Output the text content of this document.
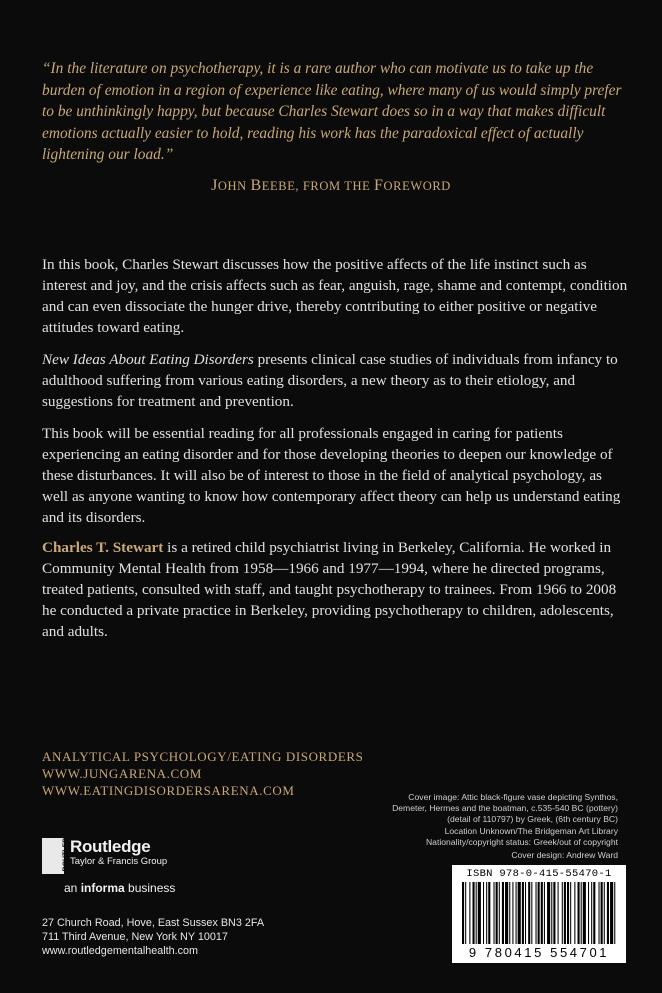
“In the literature on psychotherapy, it is a rare author who can motivate us to take up the burden of emotion in a region of experience like eating, where many of us would simply prefer to be unthinkingly happy, but because Charles Stewart does so in a way that makes difficult emotions actually easier to hold, reading his work has the paradoxical effect of actually lightening our load.”

JOHN BEEBE, FROM THE FOREWORD

In this book, Charles Stewart discusses how the positive affects of the life instinct such as interest and joy, and the crisis affects such as fear, anguish, rage, shame and contempt, condition and can even dissociate the hunger drive, thereby contributing to either positive or negative attitudes toward eating.

New Ideas About Eating Disorders presents clinical case studies of individuals from infancy to adulthood suffering from various eating disorders, a new theory as to their etiology, and suggestions for treatment and prevention.

This book will be essential reading for all professionals engaged in caring for patients experiencing an eating disorder and for those developing theories to deepen our knowledge of these disturbances. It will also be of interest to those in the field of analytical psychology, as well as anyone wanting to know how contemporary affect theory can help us understand eating and its disorders.

Charles T. Stewart is a retired child psychiatrist living in Berkeley, California. He worked in Community Mental Health from 1958—1966 and 1977—1994, where he directed programs, treated patients, consulted with staff, and taught psychotherapy to trainees. From 1966 to 2008 he conducted a private practice in Berkeley, providing psychotherapy to children, adolescents, and adults.

ANALYTICAL PSYCHOLOGY/EATING DISORDERS
WWW.JUNGARENA.COM
WWW.EATINGDISORDERSARENA.COM	Cover image: Attic black-figure vase depicting Synthos,
Demeter, Hermes and the boatman, c.535-540 BC (pottery)
(detail of 110797) by Greek, (6th century BC)
Location Unknown/The Bridgeman Art Library
Nationality/copyright status: Greek/out of copyright
Cover design: Andrew Ward
ROUTLEDGE Routledge
Taylor & Francis Group
an informa business
27 Church Road, Hove, East Sussex BN3 2FA
711 Third Avenue, New York NY 10017
www.routledgementalhealth.com
ISBN 978-0-415-55470-1
9 780415 554701
